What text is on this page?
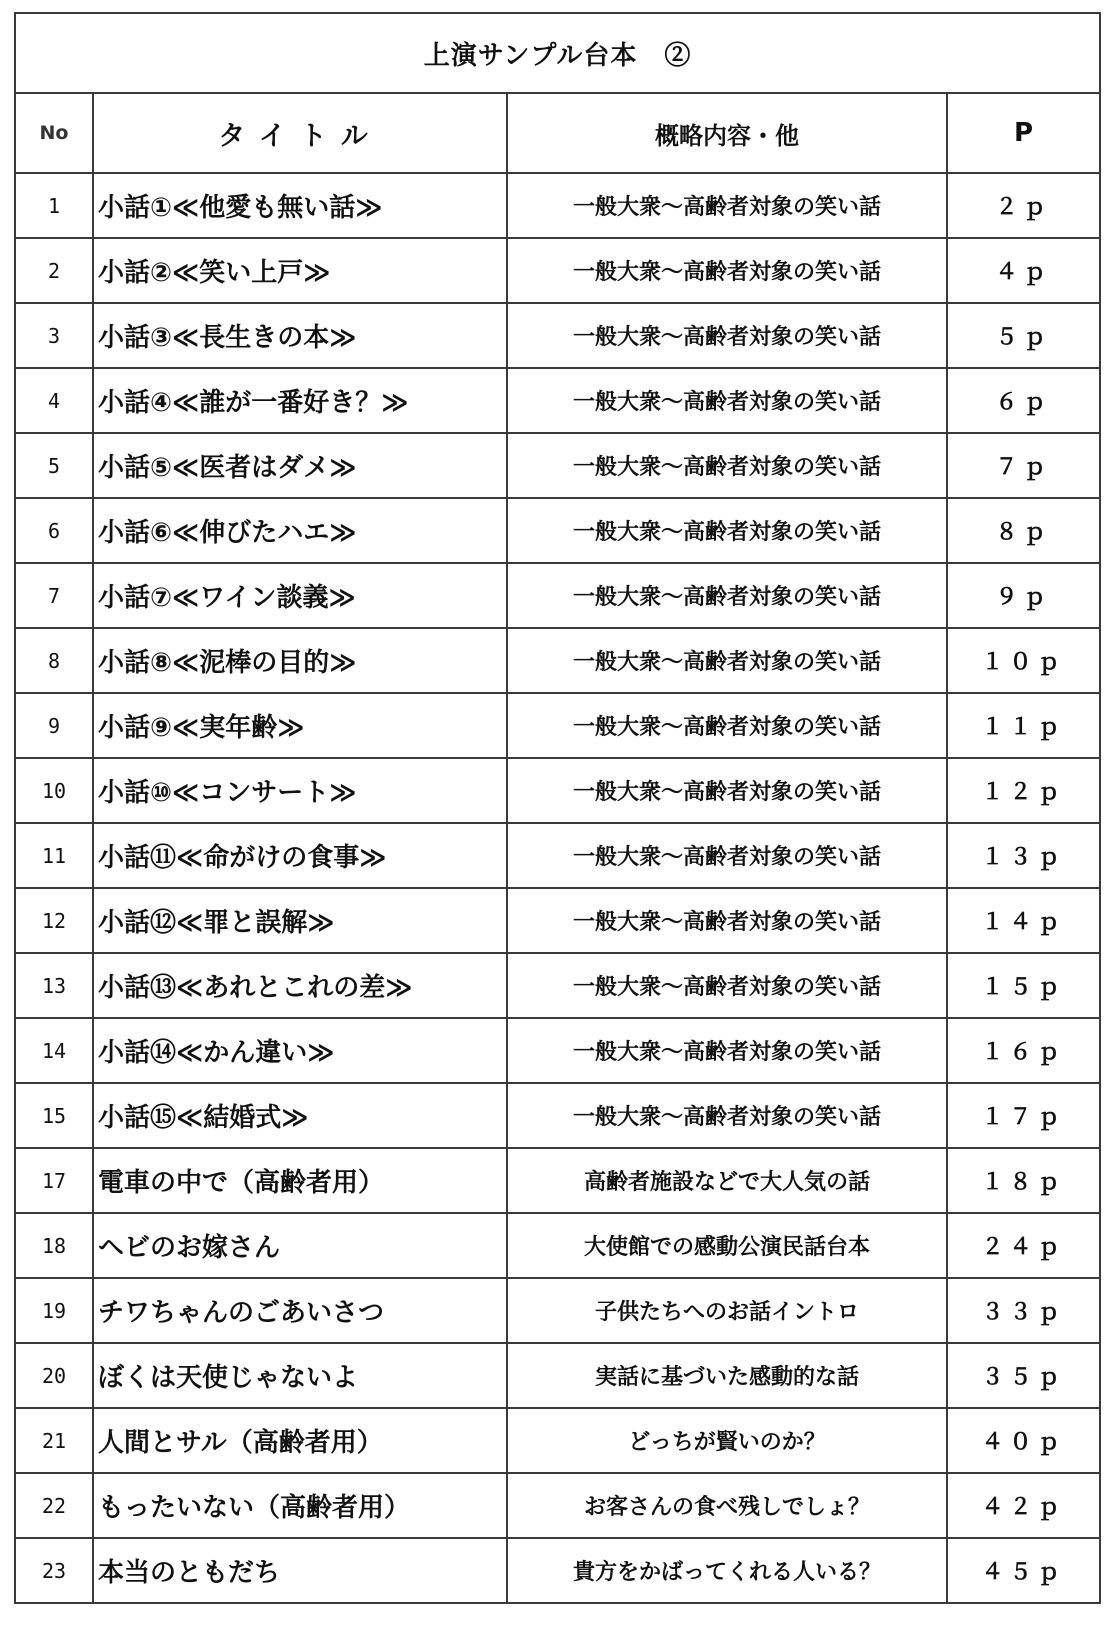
上演サンプル台本　②			
No	タイトル	概略内容・他	P
1	小話①≪他愛も無い話≫	一般大衆～高齢者対象の笑い話	２ｐ
2	小話②≪笑い上戸≫	一般大衆～高齢者対象の笑い話	４ｐ
3	小話③≪長生きの本≫	一般大衆～高齢者対象の笑い話	５ｐ
4	小話④≪誰が一番好き？≫	一般大衆～高齢者対象の笑い話	６ｐ
5	小話⑤≪医者はダメ≫	一般大衆～高齢者対象の笑い話	７ｐ
6	小話⑥≪伸びたハエ≫	一般大衆～高齢者対象の笑い話	８ｐ
7	小話⑦≪ワイン談義≫	一般大衆～高齢者対象の笑い話	９ｐ
8	小話⑧≪泥棒の目的≫	一般大衆～高齢者対象の笑い話	１０ｐ
9	小話⑨≪実年齢≫	一般大衆～高齢者対象の笑い話	１１ｐ
10	小話⑩≪コンサート≫	一般大衆～高齢者対象の笑い話	１２ｐ
11	小話⑪≪命がけの食事≫	一般大衆～高齢者対象の笑い話	１３ｐ
12	小話⑫≪罪と誤解≫	一般大衆～高齢者対象の笑い話	１４ｐ
13	小話⑬≪あれとこれの差≫	一般大衆～高齢者対象の笑い話	１５ｐ
14	小話⑭≪かん違い≫	一般大衆～高齢者対象の笑い話	１６ｐ
15	小話⑮≪結婚式≫	一般大衆～高齢者対象の笑い話	１７ｐ
17	電車の中で（高齢者用）	高齢者施設などで大人気の話	１８ｐ
18	ヘビのお嫁さん	大使館での感動公演民話台本	２４ｐ
19	チワちゃんのごあいさつ	子供たちへのお話イントロ	３３ｐ
20	ぼくは天使じゃないよ	実話に基づいた感動的な話	３５ｐ
21	人間とサル（高齢者用）	どっちが賢いのか？	４０ｐ
22	もったいない（高齢者用）	お客さんの食べ残しでしょ？	４２ｐ
23	本当のともだち	貴方をかばってくれる人いる？	４５ｐ
